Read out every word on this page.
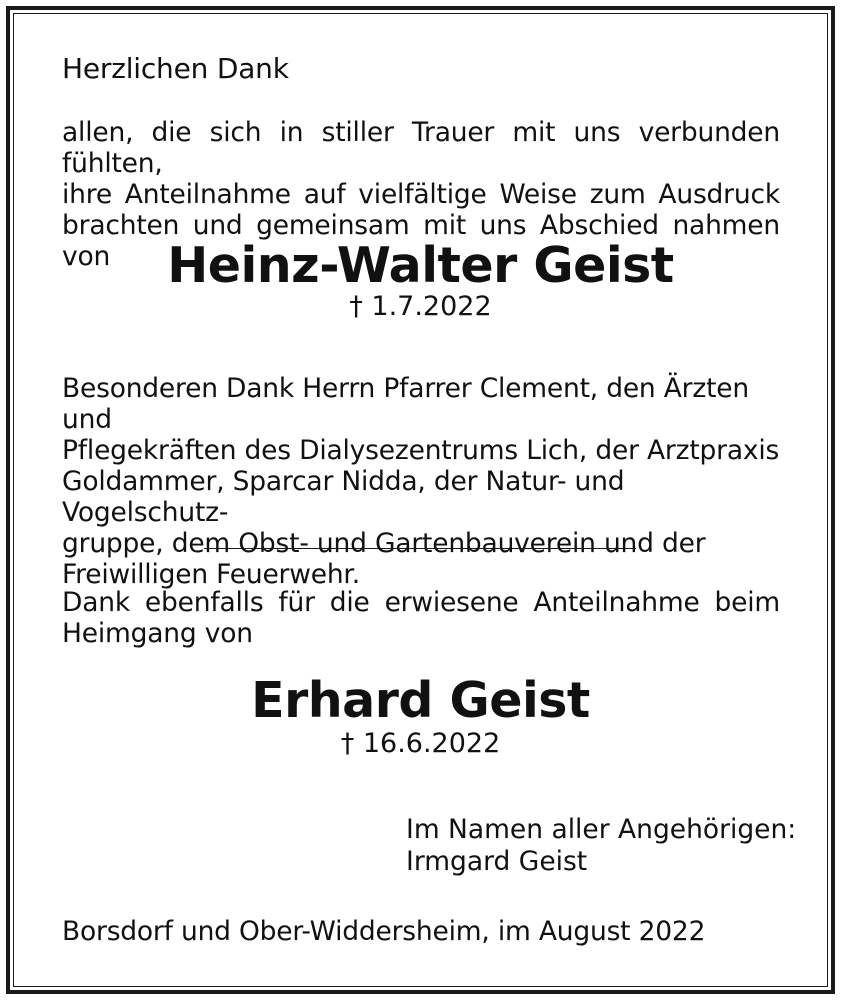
Herzlichen Dank
allen, die sich in stiller Trauer mit uns verbunden fühlten,
ihre Anteilnahme auf vielfältige Weise zum Ausdruck
brachten und gemeinsam mit uns Abschied nahmen von	Heinz-Walter Geist
† 1.7.2022
Besonderen Dank Herrn Pfarrer Clement, den Ärzten und
Pflegekräften des Dialysezentrums Lich, der Arztpraxis
Goldammer, Sparcar Nidda, der Natur- und Vogelschutz-
gruppe, dem Obst- und Gartenbauverein und der
Freiwilligen Feuerwehr.
Dank ebenfalls für die erwiesene Anteilnahme beim
Heimgang von
Erhard Geist
† 16.6.2022
Im Namen aller Angehörigen:
Irmgard Geist
Borsdorf und Ober-Widdersheim, im August 2022
